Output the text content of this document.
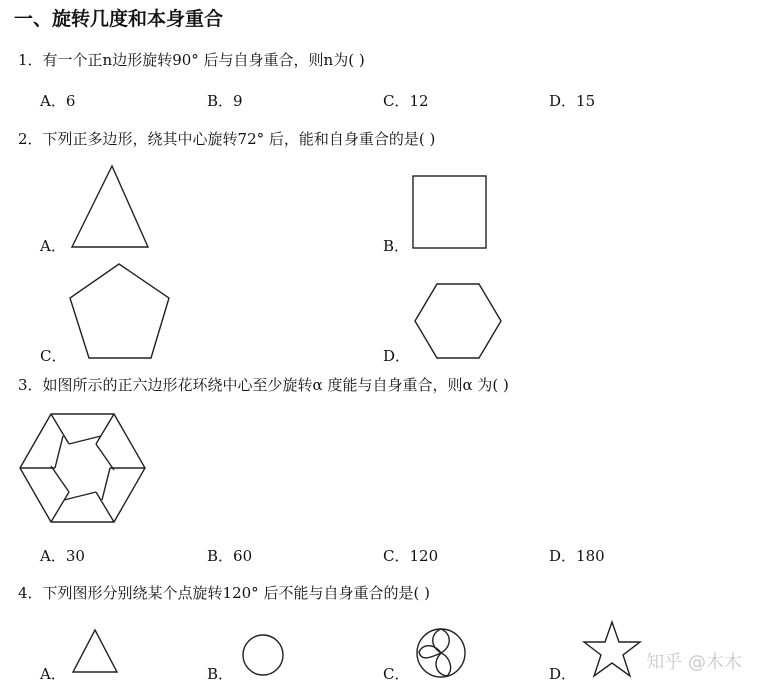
一、旋转几度和本身重合
1．有一个正n边形旋转90° 后与自身重合，则n为( )
A．6	B．9	C．12	D．15
2．下列正多边形，绕其中心旋转72° 后，能和自身重合的是( )
A．	B．
C．	D．
3．如图所示的正六边形花环绕中心至少旋转α 度能与自身重合，则α 为( )
A．30	B．60	C．120	D．180
4．下列图形分别绕某个点旋转120° 后不能与自身重合的是( )
A．	B．	C．	D．
知乎 @木木
